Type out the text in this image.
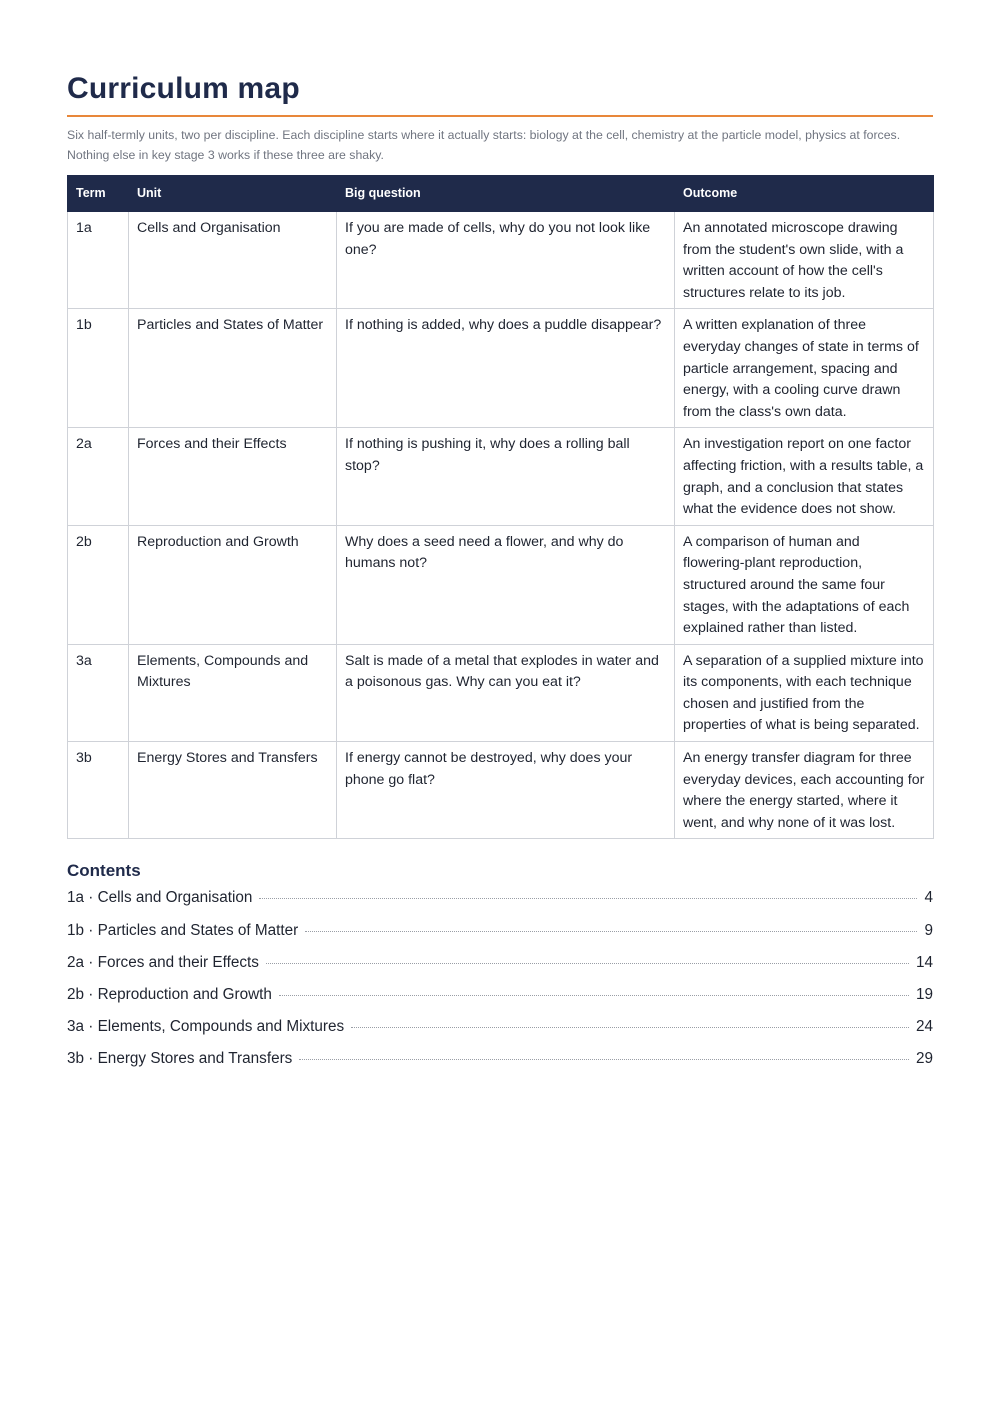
Curriculum map

Six half-termly units, two per discipline. Each discipline starts where it actually starts: biology at the cell, chemistry at the particle model, physics at forces. Nothing else in key stage 3 works if these three are shaky.

Term	Unit	Big question	Outcome
1a	Cells and Organisation	If you are made of cells, why do you not look like one?	An annotated microscope drawing from the student's own slide, with a written account of how the cell's structures relate to its job.
1b	Particles and States of Matter	If nothing is added, why does a puddle disappear?	A written explanation of three everyday changes of state in terms of particle arrangement, spacing and energy, with a cooling curve drawn from the class's own data.
2a	Forces and their Effects	If nothing is pushing it, why does a rolling ball stop?	An investigation report on one factor affecting friction, with a results table, a graph, and a conclusion that states what the evidence does not show.
2b	Reproduction and Growth	Why does a seed need a flower, and why do humans not?	A comparison of human and flowering-plant reproduction, structured around the same four stages, with the adaptations of each explained rather than listed.
3a	Elements, Compounds and Mixtures	Salt is made of a metal that explodes in water and a poisonous gas. Why can you eat it?	A separation of a supplied mixture into its components, with each technique chosen and justified from the properties of what is being separated.
3b	Energy Stores and Transfers	If energy cannot be destroyed, why does your phone go flat?	An energy transfer diagram for three everyday devices, each accounting for where the energy started, where it went, and why none of it was lost.
Contents
1a · Cells and Organisation	4
1b · Particles and States of Matter	9
2a · Forces and their Effects	14
2b · Reproduction and Growth	19
3a · Elements, Compounds and Mixtures	24
3b · Energy Stores and Transfers	29
